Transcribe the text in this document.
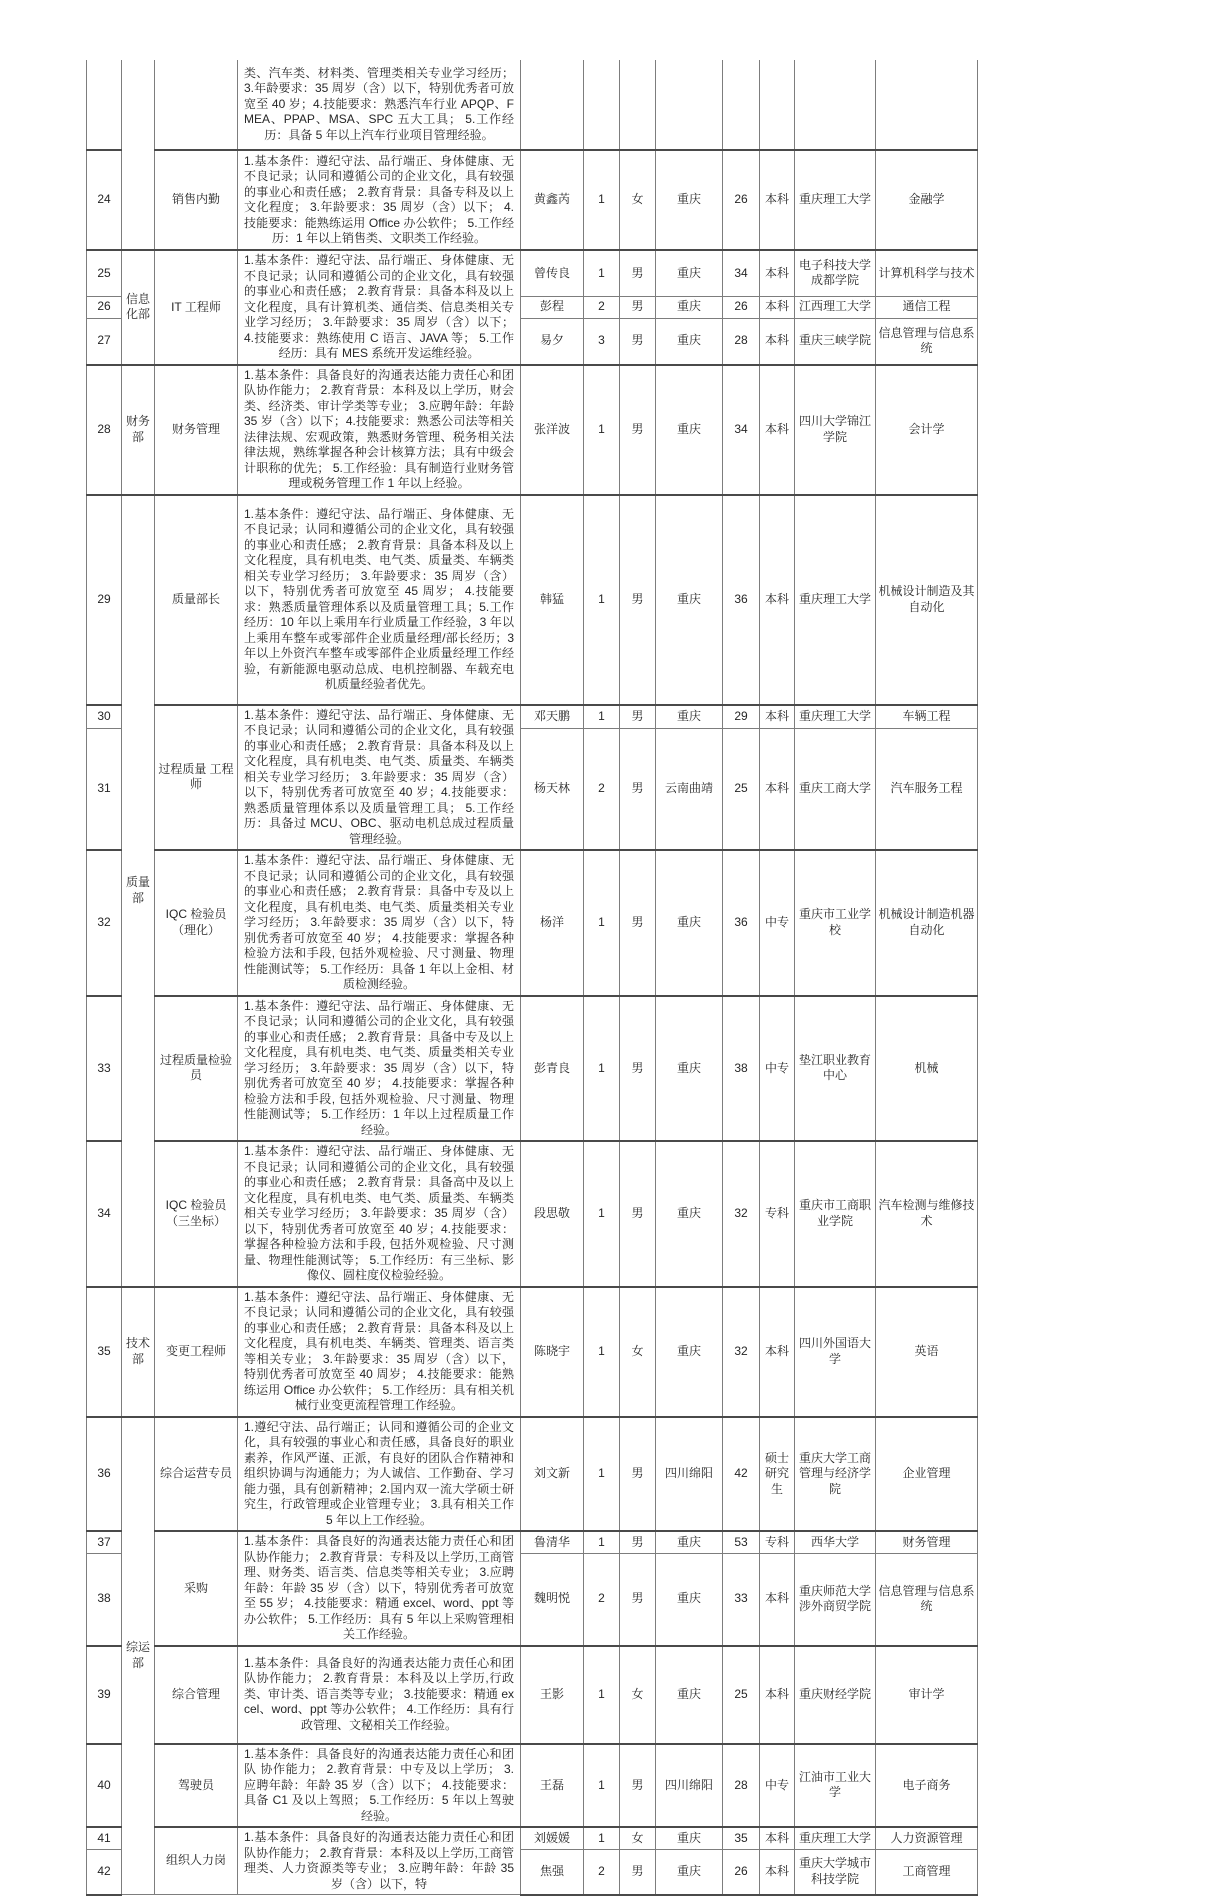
			类、汽车类、材料类、管理类相关专业学习经历； 3.年龄要求：35 周岁（含）以下，特别优秀者可放宽至 40 岁；4.技能要求：熟悉汽车行业 APQP、FMEA、PPAP、MSA、SPC 五大工具； 5.工作经历：具备 5 年以上汽车行业项目管理经验。								
24		销售内勤	1.基本条件：遵纪守法、品行端正、身体健康、无不良记录；认同和遵循公司的企业文化，具有较强的事业心和责任感； 2.教育背景：具备专科及以上文化程度； 3.年龄要求：35 周岁（含）以下； 4.技能要求：能熟练运用 Office 办公软件； 5.工作经历：1 年以上销售类、文职类工作经验。	黄鑫芮	1	女	重庆	26	本科	重庆理工大学	金融学
25	信息化部	IT 工程师	1.基本条件：遵纪守法、品行端正、身体健康、无不良记录；认同和遵循公司的企业文化，具有较强的事业心和责任感； 2.教育背景：具备本科及以上文化程度，具有计算机类、通信类、信息类相关专业学习经历； 3.年龄要求：35 周岁（含）以下； 4.技能要求：熟练使用 C 语言、JAVA 等； 5.工作经历：具有 MES 系统开发运维经验。	曾传良	1	男	重庆	34	本科	电子科技大学成都学院	计算机科学与技术
26				彭程	2	男	重庆	26	本科	江西理工大学	通信工程
27				易夕	3	男	重庆	28	本科	重庆三峡学院	信息管理与信息系统
28	财务部	财务管理	1.基本条件：具备良好的沟通表达能力责任心和团队协作能力； 2.教育背景：本科及以上学历，财会类、经济类、审计学类等专业； 3.应聘年龄：年龄 35 岁（含）以下；4.技能要求：熟悉公司法等相关法律法规、宏观政策，熟悉财务管理、税务相关法律法规，熟练掌握各种会计核算方法；具有中级会计职称的优先； 5.工作经验：具有制造行业财务管理或税务管理工作 1 年以上经验。	张洋波	1	男	重庆	34	本科	四川大学锦江学院	会计学
29	质量部	质量部长	1.基本条件：遵纪守法、品行端正、身体健康、无不良记录；认同和遵循公司的企业文化，具有较强的事业心和责任感； 2.教育背景：具备本科及以上文化程度，具有机电类、电气类、质量类、车辆类相关专业学习经历； 3.年龄要求：35 周岁（含）以下，特别优秀者可放宽至 45 周岁； 4.技能要求：熟悉质量管理体系以及质量管理工具；5.工作经历：10 年以上乘用车行业质量工作经验，3 年以上乘用车整车或零部件企业质量经理/部长经历；3 年以上外资汽车整车或零部件企业质量经理工作经验，有新能源电驱动总成、电机控制器、车载充电机质量经验者优先。	韩猛	1	男	重庆	36	本科	重庆理工大学	机械设计制造及其自动化
30		过程质量 工程师	1.基本条件：遵纪守法、品行端正、身体健康、无不良记录；认同和遵循公司的企业文化，具有较强的事业心和责任感； 2.教育背景：具备本科及以上文化程度，具有机电类、电气类、质量类、车辆类相关专业学习经历； 3.年龄要求：35 周岁（含）以下，特别优秀者可放宽至 40 岁；4.技能要求：熟悉质量管理体系以及质量管理工具； 5.工作经历：具备过 MCU、OBC、驱动电机总成过程质量管理经验。	邓天鹏	1	男	重庆	29	本科	重庆理工大学	车辆工程
31				杨天林	2	男	云南曲靖	25	本科	重庆工商大学	汽车服务工程
32		IQC 检验员（理化）	1.基本条件：遵纪守法、品行端正、身体健康、无不良记录；认同和遵循公司的企业文化，具有较强的事业心和责任感； 2.教育背景：具备中专及以上文化程度，具有机电类、电气类、质量类相关专业学习经历； 3.年龄要求：35 周岁（含）以下，特别优秀者可放宽至 40 岁； 4.技能要求：掌握各种检验方法和手段, 包括外观检验、尺寸测量、物理性能测试等； 5.工作经历：具备 1 年以上金相、材质检测经验。	杨洋	1	男	重庆	36	中专	重庆市工业学校	机械设计制造机器自动化
33		过程质量检验员	1.基本条件：遵纪守法、品行端正、身体健康、无不良记录；认同和遵循公司的企业文化，具有较强的事业心和责任感； 2.教育背景：具备中专及以上文化程度，具有机电类、电气类、质量类相关专业学习经历； 3.年龄要求：35 周岁（含）以下，特别优秀者可放宽至 40 岁； 4.技能要求：掌握各种检验方法和手段, 包括外观检验、尺寸测量、物理性能测试等； 5.工作经历：1 年以上过程质量工作经验。	彭青良	1	男	重庆	38	中专	垫江职业教育中心	机械
34		IQC 检验员（三坐标）	1.基本条件：遵纪守法、品行端正、身体健康、无不良记录；认同和遵循公司的企业文化，具有较强的事业心和责任感； 2.教育背景：具备高中及以上文化程度，具有机电类、电气类、质量类、车辆类相关专业学习经历； 3.年龄要求：35 周岁（含）以下，特别优秀者可放宽至 40 岁；4.技能要求：掌握各种检验方法和手段, 包括外观检验、尺寸测量、物理性能测试等； 5.工作经历：有三坐标、影像仪、圆柱度仪检验经验。	段思敬	1	男	重庆	32	专科	重庆市工商职业学院	汽车检测与维修技术
35	技术部	变更工程师	1.基本条件：遵纪守法、品行端正、身体健康、无不良记录；认同和遵循公司的企业文化，具有较强的事业心和责任感； 2.教育背景：具备本科及以上文化程度，具有机电类、车辆类、管理类、语言类等相关专业； 3.年龄要求：35 周岁（含）以下，特别优秀者可放宽至 40 周岁； 4.技能要求：能熟练运用 Office 办公软件； 5.工作经历：具有相关机械行业变更流程管理工作经验。	陈晓宇	1	女	重庆	32	本科	四川外国语大学	英语
36	综运部	综合运营专员	1.遵纪守法、品行端正；认同和遵循公司的企业文化，具有较强的事业心和责任感，具备良好的职业素养，作风严谨、正派，有良好的团队合作精神和组织协调与沟通能力；为人诚信、工作勤奋、学习能力强，具有创新精神；2.国内双一流大学硕士研究生，行政管理或企业管理专业； 3.具有相关工作 5 年以上工作经验。	刘文新	1	男	四川绵阳	42	硕士研究生	重庆大学工商管理与经济学院	企业管理
37		采购	1.基本条件：具备良好的沟通表达能力责任心和团队协作能力； 2.教育背景：专科及以上学历,工商管理、财务类、语言类、信息类等相关专业； 3.应聘年龄：年龄 35 岁（含）以下，特别优秀者可放宽至 55 岁； 4.技能要求：精通 excel、word、ppt 等办公软件； 5.工作经历：具有 5 年以上采购管理相关工作经验。	鲁清华	1	男	重庆	53	专科	西华大学	财务管理
38				魏明悦	2	男	重庆	33	本科	重庆师范大学涉外商贸学院	信息管理与信息系统
39		综合管理	1.基本条件：具备良好的沟通表达能力责任心和团队协作能力； 2.教育背景：本科及以上学历,行政类、审计类、语言类等专业； 3.技能要求：精通 excel、word、ppt 等办公软件； 4.工作经历：具有行政管理、文秘相关工作经验。	王影	1	女	重庆	25	本科	重庆财经学院	审计学
40		驾驶员	1.基本条件：具备良好的沟通表达能力责任心和团队 协作能力； 2.教育背景：中专及以上学历； 3.应聘年龄：年龄 35 岁（含）以下； 4.技能要求：具备 C1 及以上驾照； 5.工作经历：5 年以上驾驶经验。	王磊	1	男	四川绵阳	28	中专	江油市工业大学	电子商务
41		组织人力岗	1.基本条件：具备良好的沟通表达能力责任心和团队协作能力； 2.教育背景：本科及以上学历,工商管理类、人力资源类等专业； 3.应聘年龄：年龄 35 岁（含）以下，特	刘媛媛	1	女	重庆	35	本科	重庆理工大学	人力资源管理
42				焦强	2	男	重庆	26	本科	重庆大学城市科技学院	工商管理
